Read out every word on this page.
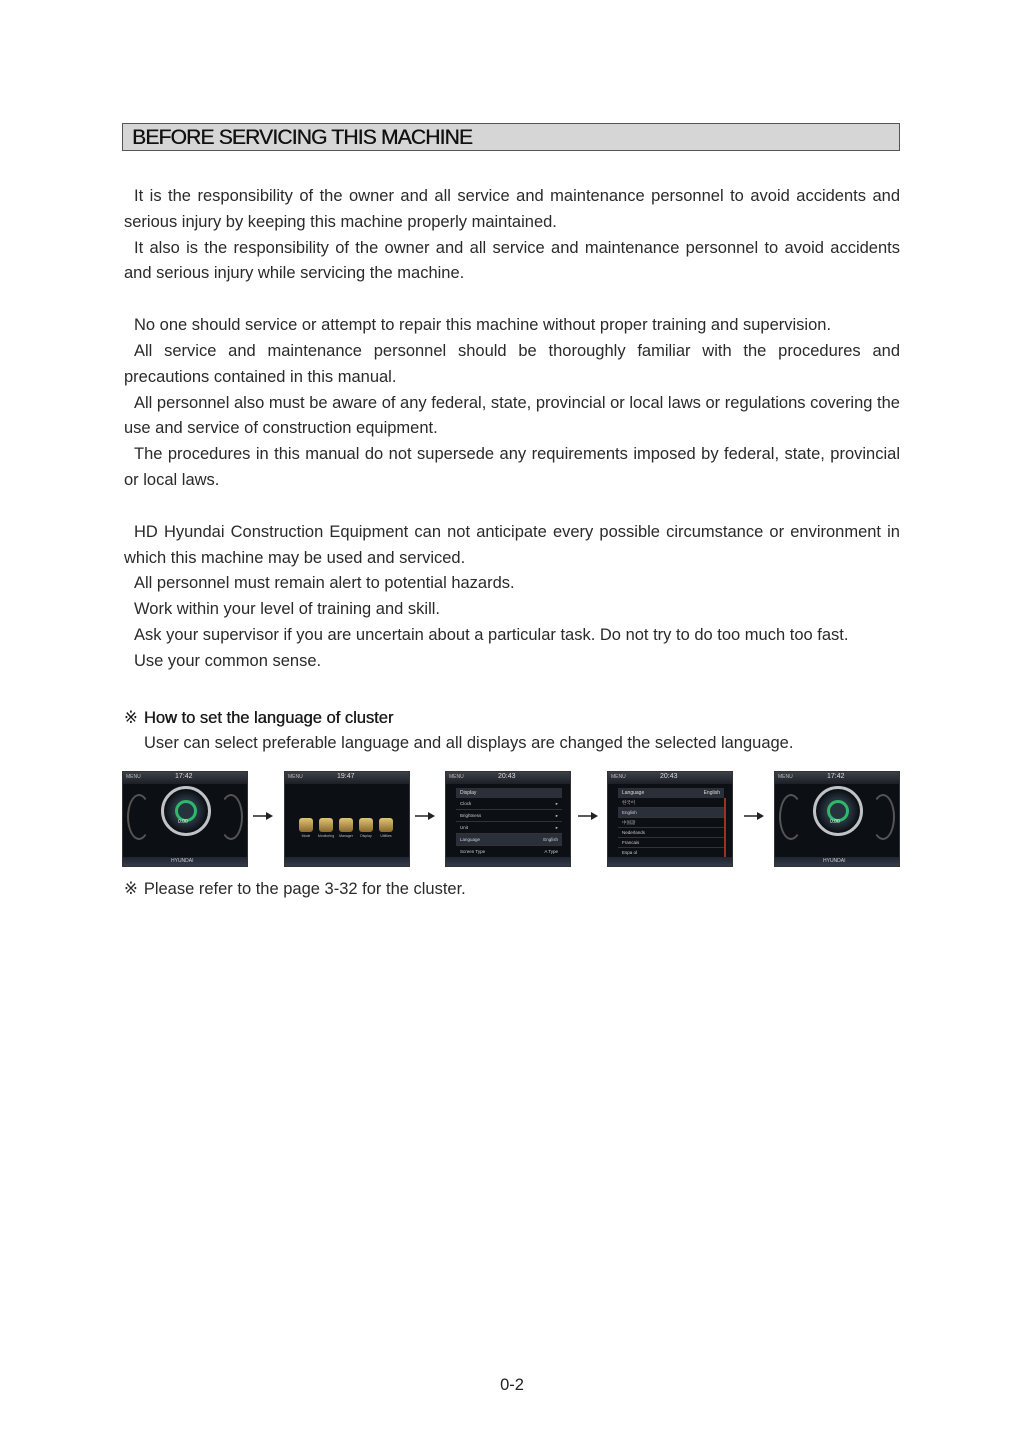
BEFORE SERVICING THIS MACHINE

It is the responsibility of the owner and all service and maintenance personnel to avoid accidents and serious injury by keeping this machine properly maintained.

It also is the responsibility of the owner and all service and maintenance personnel to avoid accidents and serious injury while servicing the machine.

No one should service or attempt to repair this machine without proper training and supervision.

All service and maintenance personnel should be thoroughly familiar with the procedures and precautions contained in this manual.

All personnel also must be aware of any federal, state, provincial or local laws or regulations covering the use and service of construction equipment.

The procedures in this manual do not supersede any requirements imposed by federal, state, provincial or local laws.

HD Hyundai Construction Equipment can not anticipate every possible circumstance or environment in which this machine may be used and serviced.

All personnel must remain alert to potential hazards.

Work within your level of training and skill.

Ask your supervisor if you are uncertain about a particular task. Do not try to do too much too fast.

Use your common sense.

※ How to set the language of cluster
User can select preferable language and all displays are changed the selected language.
MENU	17:42
0.00
HYUNDAI
MENU	19:47
Mode	Monitoring	Manager	Display	Utilities
MENU	20:43
Display
Clock	▸
Brightness	▸
Unit	▸
Language	English
Screen Type	A Type
MENU	20:43
Language	English
한국어
English
中国語
Nederlands
Francais
Espa ol
MENU	17:42
0.00
HYUNDAI
※ Please refer to the page 3-32 for the cluster.
0-2
